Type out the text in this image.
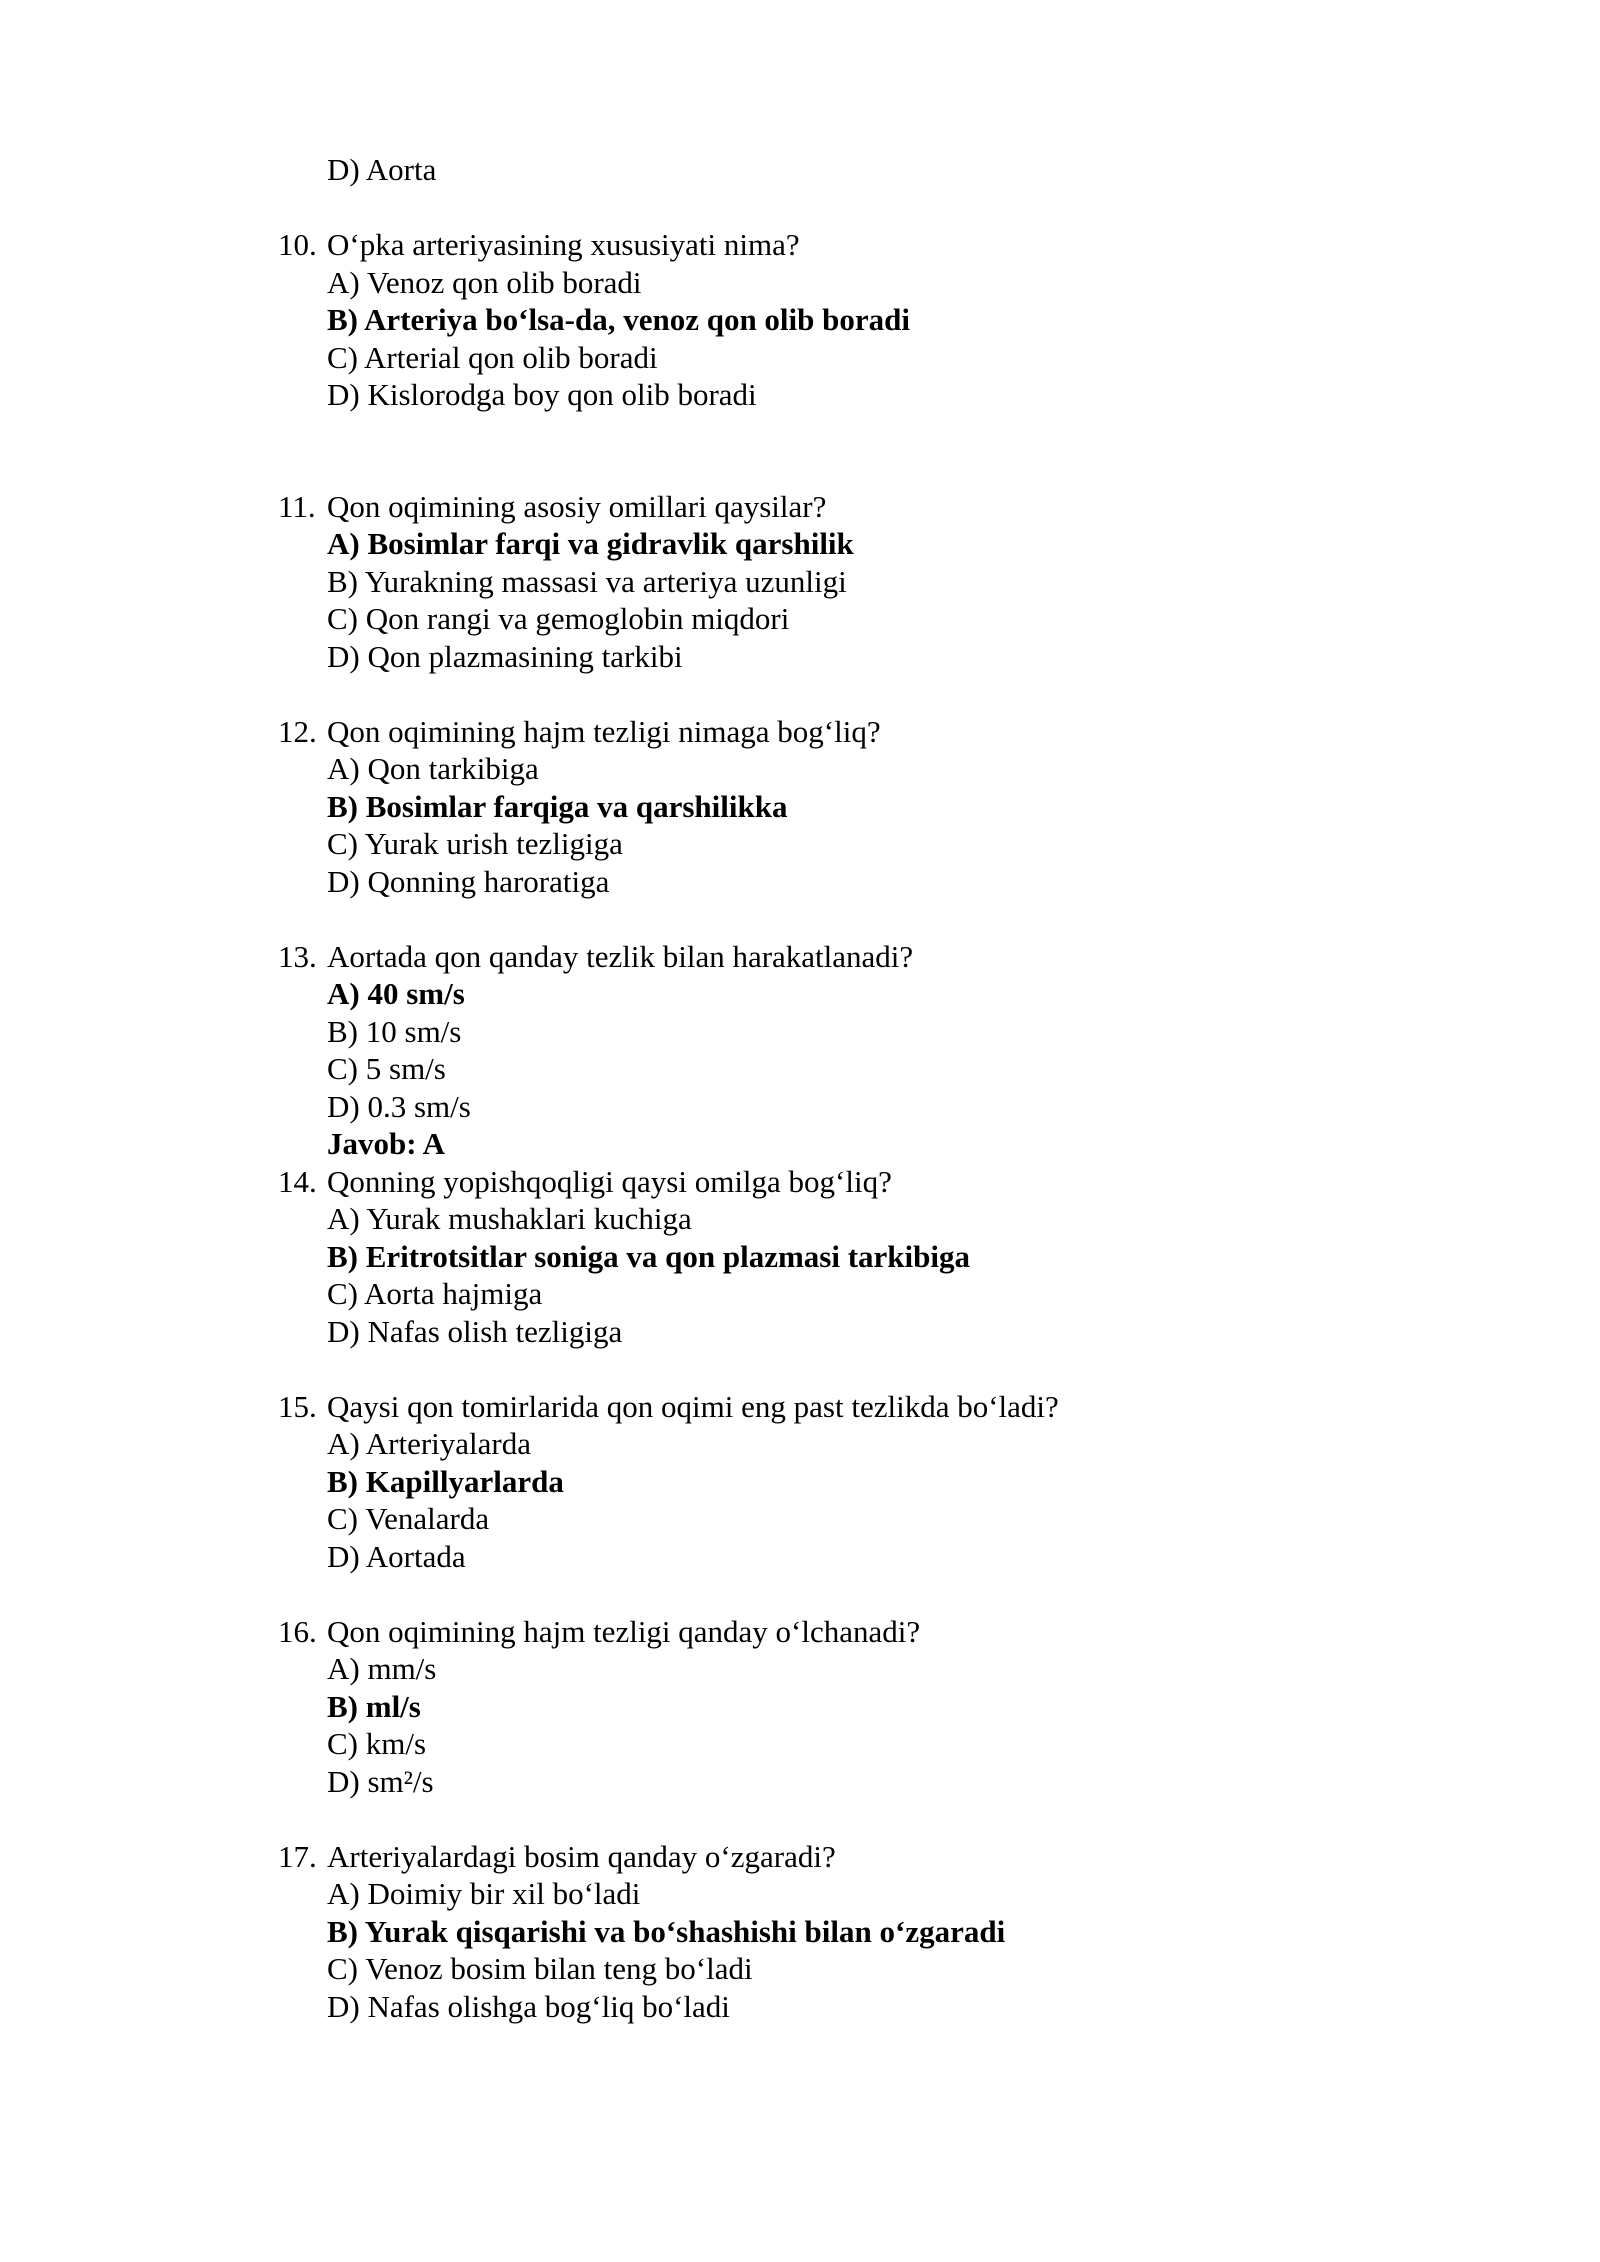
D) Aorta
10. O‘pka arteriyasining xususiyati nima?
A) Venoz qon olib boradi
B) Arteriya bo‘lsa-da, venoz qon olib boradi
C) Arterial qon olib boradi
D) Kislorodga boy qon olib boradi
11. Qon oqimining asosiy omillari qaysilar?
A) Bosimlar farqi va gidravlik qarshilik
B) Yurakning massasi va arteriya uzunligi
C) Qon rangi va gemoglobin miqdori
D) Qon plazmasining tarkibi
12. Qon oqimining hajm tezligi nimaga bog‘liq?
A) Qon tarkibiga
B) Bosimlar farqiga va qarshilikka
C) Yurak urish tezligiga
D) Qonning haroratiga
13. Aortada qon qanday tezlik bilan harakatlanadi?
A) 40 sm/s
B) 10 sm/s
C) 5 sm/s
D) 0.3 sm/s
Javob: A
14. Qonning yopishqoqligi qaysi omilga bog‘liq?
A) Yurak mushaklari kuchiga
B) Eritrotsitlar soniga va qon plazmasi tarkibiga
C) Aorta hajmiga
D) Nafas olish tezligiga
15. Qaysi qon tomirlarida qon oqimi eng past tezlikda bo‘ladi?
A) Arteriyalarda
B) Kapillyarlarda
C) Venalarda
D) Aortada
16. Qon oqimining hajm tezligi qanday o‘lchanadi?
A) mm/s
B) ml/s
C) km/s
D) sm²/s
17. Arteriyalardagi bosim qanday o‘zgaradi?
A) Doimiy bir xil bo‘ladi
B) Yurak qisqarishi va bo‘shashishi bilan o‘zgaradi
C) Venoz bosim bilan teng bo‘ladi
D) Nafas olishga bog‘liq bo‘ladi
